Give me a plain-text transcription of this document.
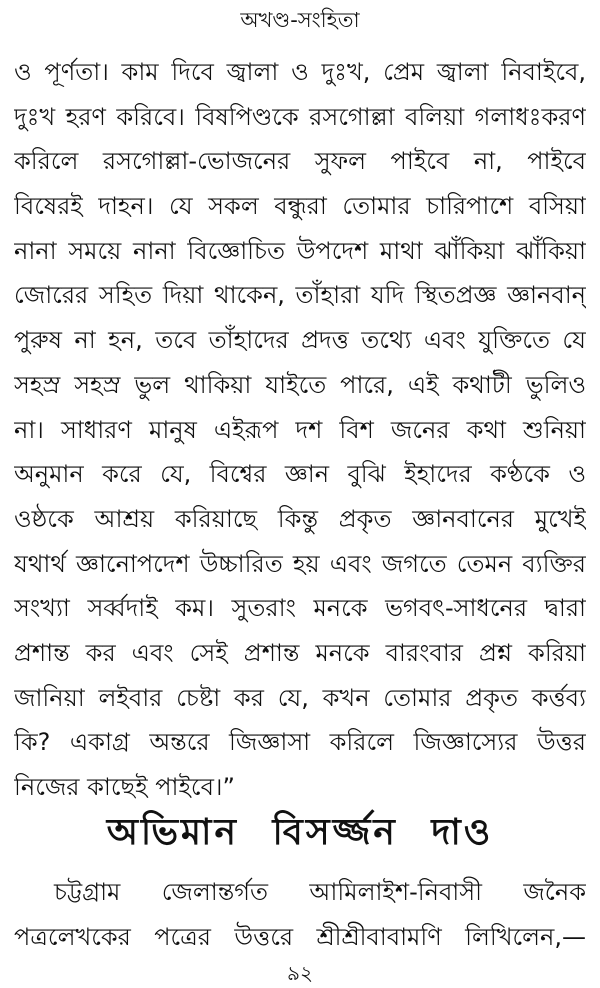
অখণ্ড-সংহিতা
ও পূর্ণতা। কাম দিবে জ্বালা ও দুঃখ, প্রেম জ্বালা নিবাইবে,
দুঃখ হরণ করিবে। বিষপিণ্ডকে রসগোল্লা বলিয়া গলাধঃকরণ
করিলে রসগোল্লা-ভোজনের সুফল পাইবে না, পাইবে
বিষেরই দাহন। যে সকল বন্ধুরা তোমার চারিপাশে বসিয়া
নানা সময়ে নানা বিজ্ঞোচিত উপদেশ মাথা ঝাঁকিয়া ঝাঁকিয়া
জোরের সহিত দিয়া থাকেন, তাঁহারা যদি স্থিতপ্রজ্ঞ জ্ঞানবান্
পুরুষ না হন, তবে তাঁহাদের প্রদত্ত তথ্যে এবং যুক্তিতে যে
সহস্র সহস্র ভুল থাকিয়া যাইতে পারে, এই কথাটী ভুলিও
না। সাধারণ মানুষ এইরূপ দশ বিশ জনের কথা শুনিয়া
অনুমান করে যে, বিশ্বের জ্ঞান বুঝি ইহাদের কণ্ঠকে ও
ওষ্ঠকে আশ্রয় করিয়াছে কিন্তু প্রকৃত জ্ঞানবানের মুখেই
যথার্থ জ্ঞানোপদেশ উচ্চারিত হয় এবং জগতে তেমন ব্যক্তির
সংখ্যা সর্ব্বদাই কম। সুতরাং মনকে ভগবৎ-সাধনের দ্বারা
প্রশান্ত কর এবং সেই প্রশান্ত মনকে বারংবার প্রশ্ন করিয়া
জানিয়া লইবার চেষ্টা কর যে, কখন তোমার প্রকৃত কর্ত্তব্য
কি? একাগ্র অন্তরে জিজ্ঞাসা করিলে জিজ্ঞাস্যের উত্তর
নিজের কাছেই পাইবে।”
অভিমান বিসৰ্জ্জন দাও
চট্টগ্রাম জেলান্তর্গত আমিলাইশ-নিবাসী জনৈক
পত্রলেখকের পত্রের উত্তরে শ্রীশ্রীবাবামণি লিখিলেন,—
৯২
